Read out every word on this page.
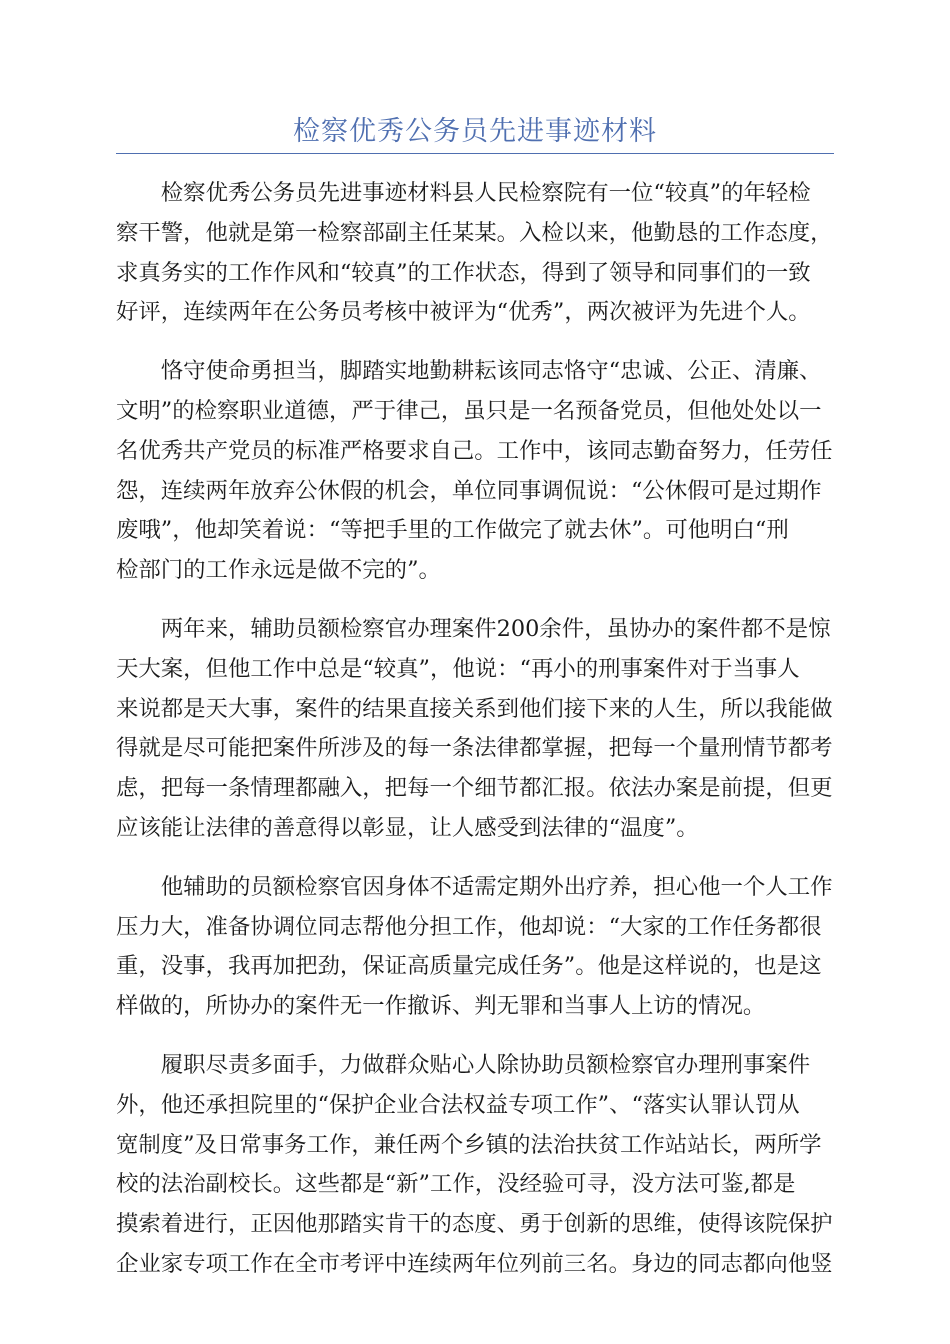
检察优秀公务员先进事迹材料
检察优秀公务员先进事迹材料县人民检察院有一位“较真”的年轻检
察干警，他就是第一检察部副主任某某。入检以来，他勤恳的工作态度，
求真务实的工作作风和“较真”的工作状态，得到了领导和同事们的一致
好评，连续两年在公务员考核中被评为“优秀”，两次被评为先进个人。
恪守使命勇担当，脚踏实地勤耕耘该同志恪守“忠诚、公正、清廉、
文明”的检察职业道德，严于律己，虽只是一名预备党员，但他处处以一
名优秀共产党员的标准严格要求自己。工作中，该同志勤奋努力，任劳任
怨，连续两年放弃公休假的机会，单位同事调侃说：“公休假可是过期作
废哦”，他却笑着说：“等把手里的工作做完了就去休”。可他明白“刑
检部门的工作永远是做不完的”。
两年来，辅助员额检察官办理案件200余件，虽协办的案件都不是惊
天大案，但他工作中总是“较真”，他说：“再小的刑事案件对于当事人
来说都是天大事，案件的结果直接关系到他们接下来的人生，所以我能做
得就是尽可能把案件所涉及的每一条法律都掌握，把每一个量刑情节都考
虑，把每一条情理都融入，把每一个细节都汇报。依法办案是前提，但更
应该能让法律的善意得以彰显，让人感受到法律的“温度”。
他辅助的员额检察官因身体不适需定期外出疗养，担心他一个人工作
压力大，准备协调位同志帮他分担工作，他却说：“大家的工作任务都很
重，没事，我再加把劲，保证高质量完成任务”。他是这样说的，也是这
样做的，所协办的案件无一作撤诉、判无罪和当事人上访的情况。
履职尽责多面手，力做群众贴心人除协助员额检察官办理刑事案件
外，他还承担院里的“保护企业合法权益专项工作”、“落实认罪认罚从
宽制度”及日常事务工作，兼任两个乡镇的法治扶贫工作站站长，两所学
校的法治副校长。这些都是“新”工作，没经验可寻，没方法可鉴,都是
摸索着进行，正因他那踏实肯干的态度、勇于创新的思维，使得该院保护
企业家专项工作在全市考评中连续两年位列前三名。身边的同志都向他竖
